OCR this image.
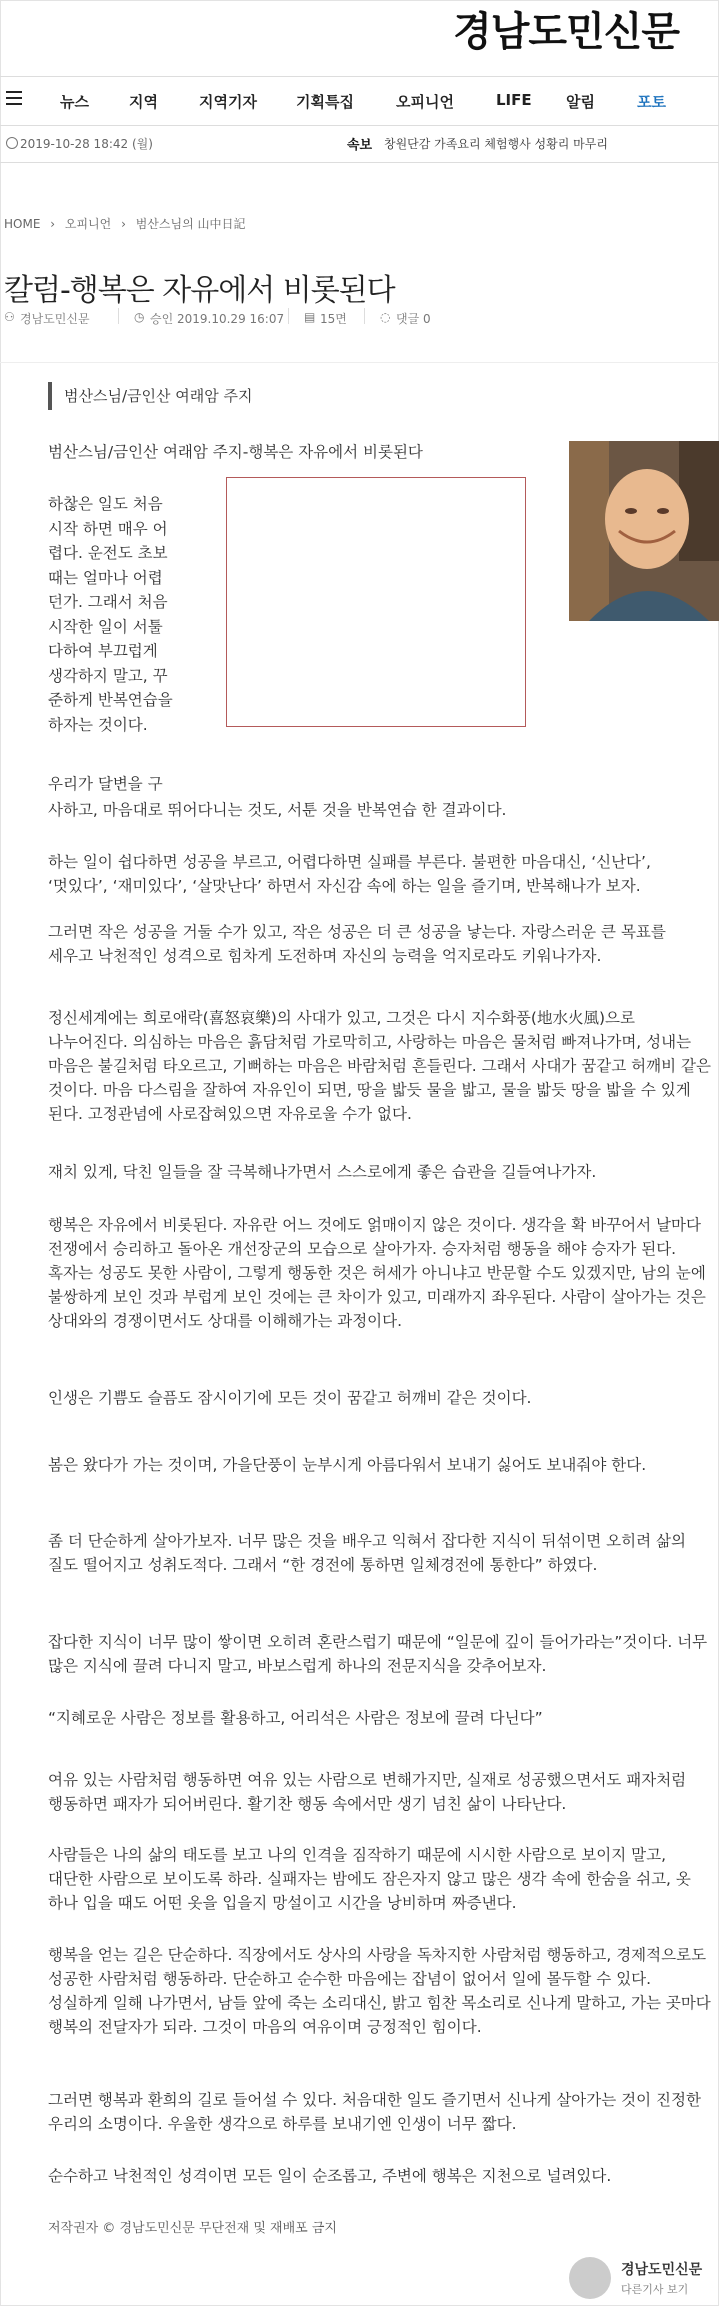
경남도민신문
뉴스	지역	지역기자	기획특집	오피니언	LIFE 알림	포토
2019-10-28 18:42 (월)	속보 창원단감 가족요리 체험행사 성황리 마무리
HOME › 오피니언 › 범산스님의 山中日記
칼럼-행복은 자유에서 비롯된다
⚇ 경남도민신문	◷ 승인 2019.10.29 16:07 ▤ 15면	◌ 댓글 0
범산스님/금인산 여래암 주지
범산스님/금인산 여래암 주지-행복은 자유에서 비롯된다
하찮은 일도 처음
시작 하면 매우 어
렵다. 운전도 초보
때는 얼마나 어렵
던가. 그래서 처음
시작한 일이 서툴
다하여 부끄럽게
생각하지 말고, 꾸
준하게 반복연습을
하자는 것이다.
우리가 달변을 구
사하고, 마음대로 뛰어다니는 것도, 서툰 것을 반복연습 한 결과이다.
하는 일이 쉽다하면 성공을 부르고, 어렵다하면 실패를 부른다. 불편한 마음대신, ‘신난다’, ‘멋있다’, ‘재미있다’, ‘살맛난다’ 하면서 자신감 속에 하는 일을 즐기며, 반복해나가 보자.
그러면 작은 성공을 거둘 수가 있고, 작은 성공은 더 큰 성공을 낳는다. 자랑스러운 큰 목표를 세우고 낙천적인 성격으로 힘차게 도전하며 자신의 능력을 억지로라도 키워나가자.
정신세계에는 희로애락(喜怒哀樂)의 사대가 있고, 그것은 다시 지수화풍(地水火風)으로 나누어진다. 의심하는 마음은 흙담처럼 가로막히고, 사랑하는 마음은 물처럼 빠져나가며, 성내는 마음은 불길처럼 타오르고, 기뻐하는 마음은 바람처럼 흔들린다. 그래서 사대가 꿈같고 허깨비 같은 것이다. 마음 다스림을 잘하여 자유인이 되면, 땅을 밟듯 물을 밟고, 물을 밟듯 땅을 밟을 수 있게 된다. 고정관념에 사로잡혀있으면 자유로울 수가 없다.
재치 있게, 닥친 일들을 잘 극복해나가면서 스스로에게 좋은 습관을 길들여나가자.
행복은 자유에서 비롯된다. 자유란 어느 것에도 얽매이지 않은 것이다. 생각을 확 바꾸어서 날마다 전쟁에서 승리하고 돌아온 개선장군의 모습으로 살아가자. 승자처럼 행동을 해야 승자가 된다. 혹자는 성공도 못한 사람이, 그렇게 행동한 것은 허세가 아니냐고 반문할 수도 있겠지만, 남의 눈에 불쌍하게 보인 것과 부럽게 보인 것에는 큰 차이가 있고, 미래까지 좌우된다. 사람이 살아가는 것은 상대와의 경쟁이면서도 상대를 이해해가는 과정이다.
인생은 기쁨도 슬픔도 잠시이기에 모든 것이 꿈같고 허깨비 같은 것이다.
봄은 왔다가 가는 것이며, 가을단풍이 눈부시게 아름다워서 보내기 싫어도 보내줘야 한다.
좀 더 단순하게 살아가보자. 너무 많은 것을 배우고 익혀서 잡다한 지식이 뒤섞이면 오히려 삶의 질도 떨어지고 성취도적다. 그래서 “한 경전에 통하면 일체경전에 통한다” 하였다.
잡다한 지식이 너무 많이 쌓이면 오히려 혼란스럽기 때문에 “일문에 깊이 들어가라는”것이다. 너무 많은 지식에 끌려 다니지 말고, 바보스럽게 하나의 전문지식을 갖추어보자.
“지혜로운 사람은 정보를 활용하고, 어리석은 사람은 정보에 끌려 다닌다”
여유 있는 사람처럼 행동하면 여유 있는 사람으로 변해가지만, 실재로 성공했으면서도 패자처럼 행동하면 패자가 되어버린다. 활기찬 행동 속에서만 생기 넘친 삶이 나타난다.
사람들은 나의 삶의 태도를 보고 나의 인격을 짐작하기 때문에 시시한 사람으로 보이지 말고, 대단한 사람으로 보이도록 하라. 실패자는 밤에도 잠은자지 않고 많은 생각 속에 한숨을 쉬고, 옷 하나 입을 때도 어떤 옷을 입을지 망설이고 시간을 낭비하며 짜증낸다.
행복을 얻는 길은 단순하다. 직장에서도 상사의 사랑을 독차지한 사람처럼 행동하고, 경제적으로도 성공한 사람처럼 행동하라. 단순하고 순수한 마음에는 잡념이 없어서 일에 몰두할 수 있다. 성실하게 일해 나가면서, 남들 앞에 죽는 소리대신, 밝고 힘찬 목소리로 신나게 말하고, 가는 곳마다 행복의 전달자가 되라. 그것이 마음의 여유이며 긍정적인 힘이다.
그러면 행복과 환희의 길로 들어설 수 있다. 처음대한 일도 즐기면서 신나게 살아가는 것이 진정한 우리의 소명이다. 우울한 생각으로 하루를 보내기엔 인생이 너무 짧다.
순수하고 낙천적인 성격이면 모든 일이 순조롭고, 주변에 행복은 지천으로 널려있다.
저작권자 © 경남도민신문 무단전재 및 재배포 금지
경남도민신문
다른기사 보기
